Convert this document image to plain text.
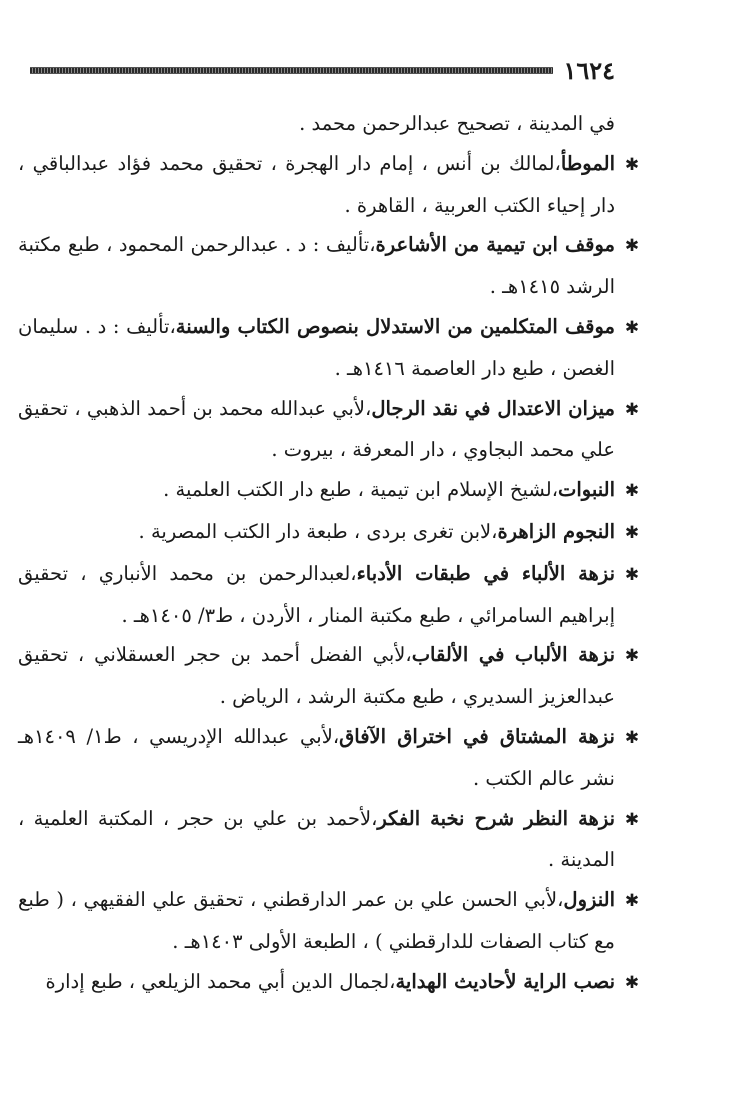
١٦٢٤

في المدينة ، تصحيح عبدالرحمن محمد .

✱الموطأ،لمالك بن أنس ، إمام دار الهجرة ، تحقيق محمد فؤاد عبدالباقي ، دار إحياء الكتب العربية ، القاهرة .

✱موقف ابن تيمية من الأشاعرة،تأليف : د . عبدالرحمن المحمود ، طبع مكتبة الرشد ١٤١٥هـ .

✱موقف المتكلمين من الاستدلال بنصوص الكتاب والسنة،تأليف : د . سليمان الغصن ، طبع دار العاصمة ١٤١٦هـ .

✱ميزان الاعتدال في نقد الرجال،لأبي عبدالله محمد بن أحمد الذهبي ، تحقيق علي محمد البجاوي ، دار المعرفة ، بيروت .

✱النبوات،لشيخ الإسلام ابن تيمية ، طبع دار الكتب العلمية .

✱النجوم الزاهرة،لابن تغرى بردى ، طبعة دار الكتب المصرية .

✱نزهة الألباء في طبقات الأدباء،لعبدالرحمن بن محمد الأنباري ، تحقيق إبراهيم السامرائي ، طبع مكتبة المنار ، الأردن ، ط٣/ ١٤٠٥هـ .

✱نزهة الألباب في الألقاب،لأبي الفضل أحمد بن حجر العسقلاني ، تحقيق عبدالعزيز السديري ، طبع مكتبة الرشد ، الرياض .

✱نزهة المشتاق في اختراق الآفاق،لأبي عبدالله الإدريسي ، ط١/ ١٤٠٩هـ نشر عالم الكتب .

✱نزهة النظر شرح نخبة الفكر،لأحمد بن علي بن حجر ، المكتبة العلمية ، المدينة .

✱النزول،لأبي الحسن علي بن عمر الدارقطني ، تحقيق علي الفقيهي ، ( طبع مع كتاب الصفات للدارقطني ) ، الطبعة الأولى ١٤٠٣هـ .

✱نصب الراية لأحاديث الهداية،لجمال الدين أبي محمد الزيلعي ، طبع إدارة
